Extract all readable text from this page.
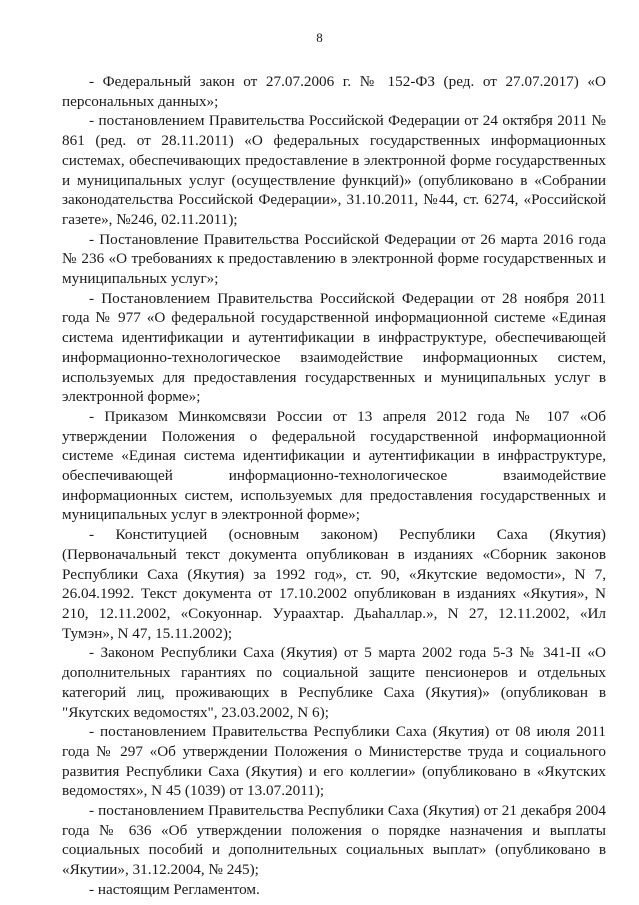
8

- Федеральный закон от 27.07.2006 г. № 152-ФЗ (ред. от 27.07.2017) «О персональных данных»;

- постановлением Правительства Российской Федерации от 24 октября 2011 № 861 (ред. от 28.11.2011) «О федеральных государственных информационных системах, обеспечивающих предоставление в электронной форме государственных и муниципальных услуг (осуществление функций)» (опубликовано в «Собрании законодательства Российской Федерации», 31.10.2011, №44, ст. 6274, «Российской газете», №246, 02.11.2011);

- Постановление Правительства Российской Федерации от 26 марта 2016 года № 236 «О требованиях к предоставлению в электронной форме государственных и муниципальных услуг»;

- Постановлением Правительства Российской Федерации от 28 ноября 2011 года № 977 «О федеральной государственной информационной системе «Единая система идентификации и аутентификации в инфраструктуре, обеспечивающей информационно-технологическое взаимодействие информационных систем, используемых для предоставления государственных и муниципальных услуг в электронной форме»;

- Приказом Минкомсвязи России от 13 апреля 2012 года № 107 «Об утверждении Положения о федеральной государственной информационной системе «Единая система идентификации и аутентификации в инфраструктуре, обеспечивающей информационно-технологическое взаимодействие информационных систем, используемых для предоставления государственных и муниципальных услуг в электронной форме»;

- Конституцией (основным законом) Республики Саха (Якутия) (Первоначальный текст документа опубликован в изданиях «Сборник законов Республики Саха (Якутия) за 1992 год», ст. 90, «Якутские ведомости», N 7, 26.04.1992. Текст документа от 17.10.2002 опубликован в изданиях «Якутия», N 210, 12.11.2002, «Сокуоннар. Уураахтар. Дьаhаллар.», N 27, 12.11.2002, «Ил Тумэн», N 47, 15.11.2002);

- Законом Республики Саха (Якутия) от 5 марта 2002 года 5-З № 341-II «О дополнительных гарантиях по социальной защите пенсионеров и отдельных категорий лиц, проживающих в Республике Саха (Якутия)» (опубликован в "Якутских ведомостях", 23.03.2002, N 6);

- постановлением Правительства Республики Саха (Якутия) от 08 июля 2011 года № 297 «Об утверждении Положения о Министерстве труда и социального развития Республики Саха (Якутия) и его коллегии» (опубликовано в «Якутских ведомостях», N 45 (1039) от 13.07.2011);

- постановлением Правительства Республики Саха (Якутия) от 21 декабря 2004 года № 636 «Об утверждении положения о порядке назначения и выплаты социальных пособий и дополнительных социальных выплат» (опубликовано в «Якутии», 31.12.2004, № 245);

- настоящим Регламентом.
